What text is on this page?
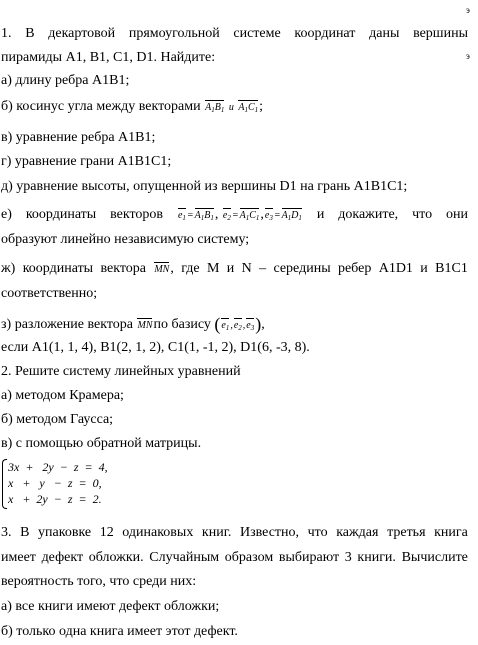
э
э
1. В декартовой прямоугольной системе координат даны вершины
пирамиды A1, B1, C1, D1. Найдите:
а) длину ребра А1В1;
б) косинус угла между векторами $A_1B_1$ и $A_1C_1$;
в) уравнение ребра А1В1;
г) уравнение грани А1В1С1;
д) уравнение высоты, опущенной из вершины D1 на грань А1В1С1;
е) координаты векторов $e_1=A_1B_1$, $e_2=A_1C_1,e_3=A_1D_1$ и докажите, что они
образуют линейно независимую систему;
ж) координаты вектора MN, где М и N – середины ребер A1D1 и B1C1
соответственно;
з) разложение вектора MNпо базису $(e_1,e_2,e_3)$,
если A1(1, 1, 4), B1(2, 1, 2), C1(1, -1, 2), D1(6, -3, 8).
2. Решите систему линейных уравнений
а) методом Крамера;
б) методом Гаусса;
в) с помощью обратной матрицы.
3x  +   2y  −  z  =  4,
x   +   y   −  z  =  0,
x   +  2y  −  z  =  2.
3. В упаковке 12 одинаковых книг. Известно, что каждая третья книга
имеет дефект обложки. Случайным образом выбирают 3 книги. Вычислите
вероятность того, что среди них:
а) все книги имеют дефект обложки;
б) только одна книга имеет этот дефект.
